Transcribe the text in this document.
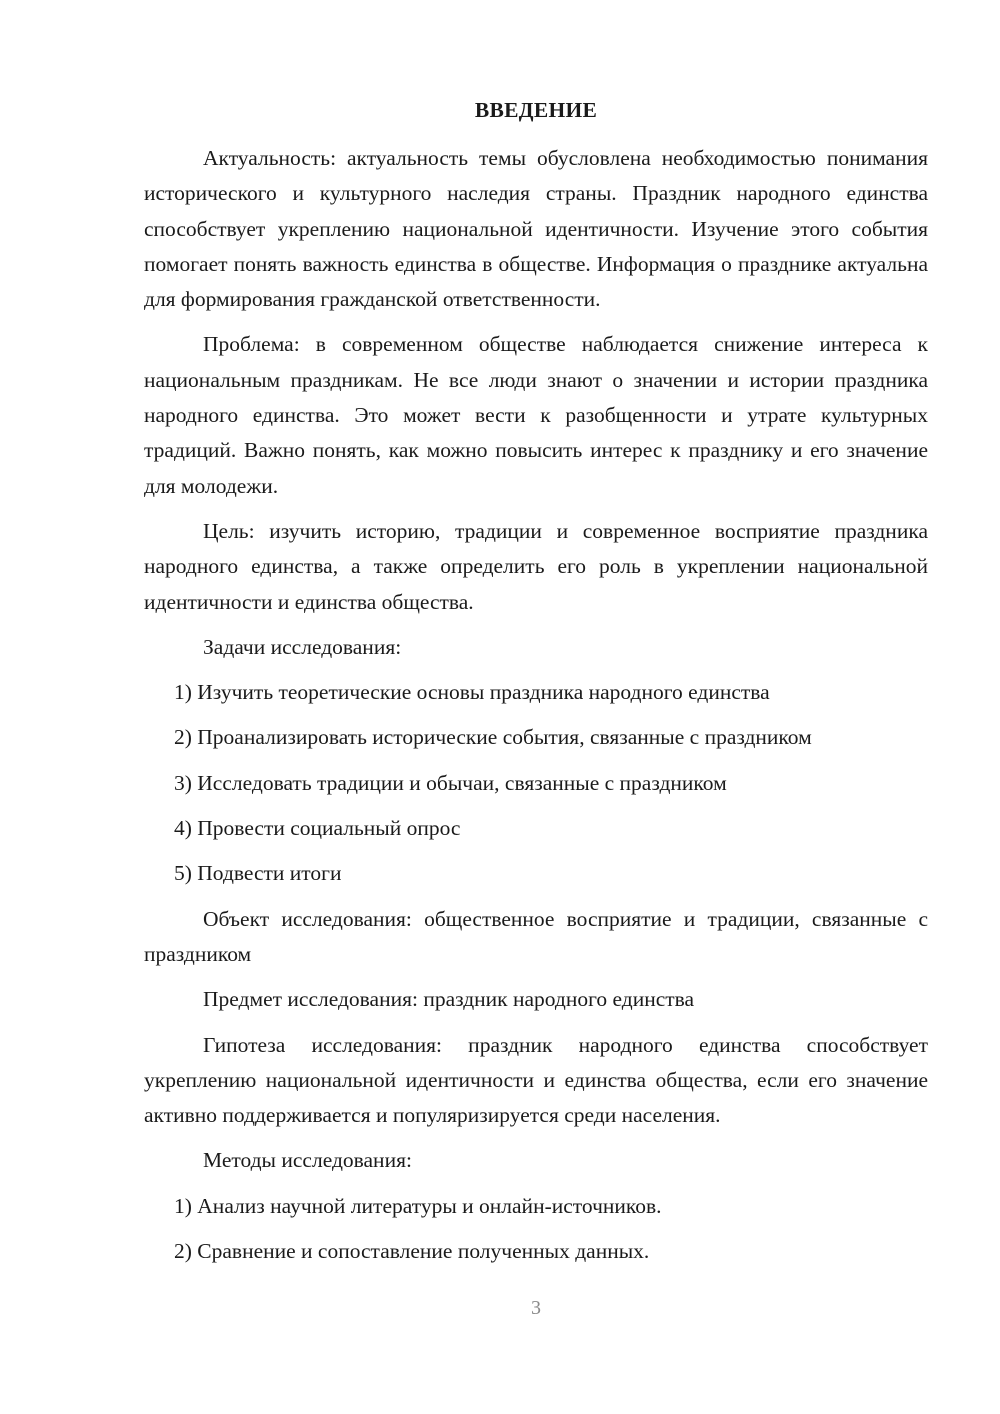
ВВЕДЕНИЕ

Актуальность: актуальность темы обусловлена необходимостью понимания исторического и культурного наследия страны. Праздник народного единства способствует укреплению национальной идентичности. Изучение этого события помогает понять важность единства в обществе. Информация о празднике актуальна для формирования гражданской ответственности.

Проблема: в современном обществе наблюдается снижение интереса к национальным праздникам. Не все люди знают о значении и истории праздника народного единства. Это может вести к разобщенности и утрате культурных традиций. Важно понять, как можно повысить интерес к празднику и его значение для молодежи.

Цель: изучить историю, традиции и современное восприятие праздника народного единства, а также определить его роль в укреплении национальной идентичности и единства общества.

Задачи исследования:

1) Изучить теоретические основы праздника народного единства

2) Проанализировать исторические события, связанные с праздником

3) Исследовать традиции и обычаи, связанные с праздником

4) Провести социальный опрос

5) Подвести итоги

Объект исследования: общественное восприятие и традиции, связанные с праздником

Предмет исследования: праздник народного единства

Гипотеза исследования: праздник народного единства способствует укреплению национальной идентичности и единства общества, если его значение активно поддерживается и популяризируется среди населения.

Методы исследования:

1) Анализ научной литературы и онлайн-источников.

2) Сравнение и сопоставление полученных данных.

3
